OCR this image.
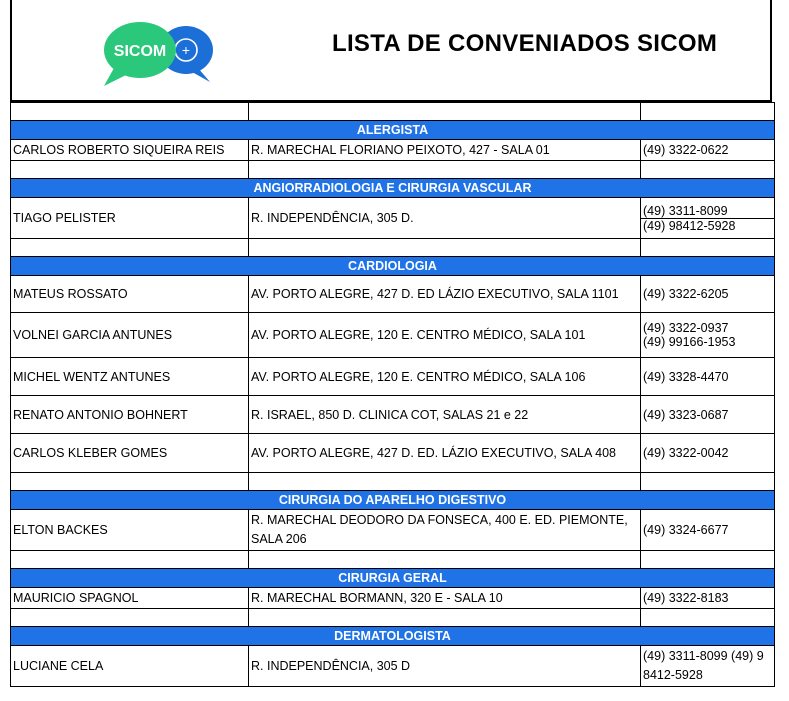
+
SICOM	LISTA DE CONVENIADOS SICOM

ALERGISTA		
CARLOS ROBERTO SIQUEIRA REIS	R. MARECHAL FLORIANO PEIXOTO, 427 - SALA 01	(49) 3322-0622

ANGIORRADIOLOGIA E CIRURGIA VASCULAR		
TIAGO PELISTER	R. INDEPENDÊNCIA, 305 D.	(49) 3311-8099
(49) 98412-5928

CARDIOLOGIA		
MATEUS ROSSATO	AV. PORTO ALEGRE, 427 D. ED LÁZIO EXECUTIVO, SALA 1101	(49) 3322-6205

VOLNEI GARCIA ANTUNES	AV. PORTO ALEGRE, 120 E. CENTRO MÉDICO, SALA 101	(49) 3322-0937
(49) 99166-1953

MICHEL WENTZ ANTUNES	AV. PORTO ALEGRE, 120 E. CENTRO MÉDICO, SALA 106	(49) 3328-4470

RENATO ANTONIO BOHNERT	R. ISRAEL, 850 D. CLINICA COT, SALAS 21 e 22	(49) 3323-0687

CARLOS KLEBER GOMES	AV. PORTO ALEGRE, 427 D. ED. LÁZIO EXECUTIVO, SALA 408	(49) 3322-0042

CIRURGIA DO APARELHO DIGESTIVO		
ELTON BACKES	R. MARECHAL DEODORO DA FONSECA, 400 E. ED. PIEMONTE, SALA 206	(49) 3324-6677

CIRURGIA GERAL		
MAURICIO SPAGNOL	R. MARECHAL BORMANN, 320 E - SALA 10	(49) 3322-8183

DERMATOLOGISTA		
LUCIANE CELA	R. INDEPENDÊNCIA, 305 D	(49) 3311-8099 (49) 9 8412-5928
